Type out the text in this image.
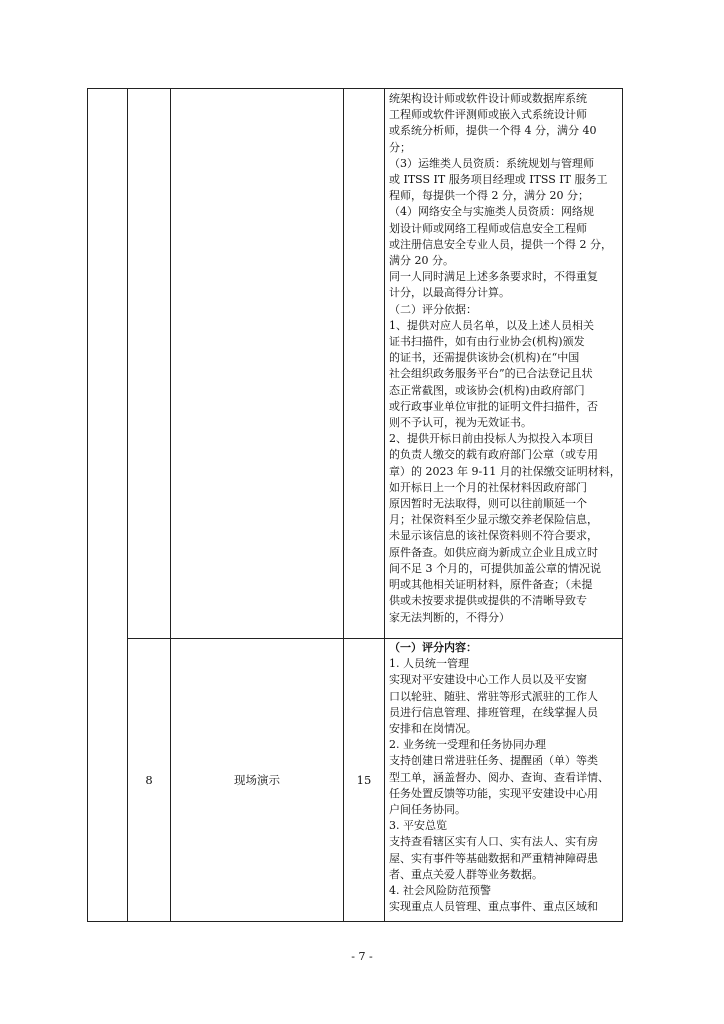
统架构设计师或软件设计师或数据库系统

工程师或软件评测师或嵌入式系统设计师

或系统分析师，提供一个得 4 分，满分 40

分；

（3）运维类人员资质：系统规划与管理师

或 ITSS IT 服务项目经理或 ITSS IT 服务工

程师，每提供一个得 2 分，满分 20 分；

（4）网络安全与实施类人员资质：网络规

划设计师或网络工程师或信息安全工程师

或注册信息安全专业人员，提供一个得 2 分，

满分 20 分。

同一人同时满足上述多条要求时，不得重复

计分，以最高得分计算。

（二）评分依据：

1、提供对应人员名单，以及上述人员相关

证书扫描件，如有由行业协会(机构)颁发

的证书，还需提供该协会(机构)在“中国

社会组织政务服务平台”的已合法登记且状

态正常截图，或该协会(机构)由政府部门

或行政事业单位审批的证明文件扫描件，否

则不予认可，视为无效证书。

2、提供开标日前由投标人为拟投入本项目

的负责人缴交的载有政府部门公章（或专用

章）的 2023 年 9-11 月的社保缴交证明材料，

如开标日上一个月的社保材料因政府部门

原因暂时无法取得，则可以往前顺延一个

月；社保资料至少显示缴交养老保险信息，

未显示该信息的该社保资料则不符合要求，

原件备查。如供应商为新成立企业且成立时

间不足 3 个月的，可提供加盖公章的情况说

明或其他相关证明材料，原件备查；（未提

供或未按要求提供或提供的不清晰导致专

家无法判断的，不得分）

8	现场演示	15

（一）评分内容：

1. 人员统一管理

实现对平安建设中心工作人员以及平安窗

口以轮驻、随驻、常驻等形式派驻的工作人

员进行信息管理、排班管理，在线掌握人员

安排和在岗情况。

2. 业务统一受理和任务协同办理

支持创建日常进驻任务、提醒函（单）等类

型工单，涵盖督办、阅办、查询、查看详情、

任务处置反馈等功能，实现平安建设中心用

户间任务协同。

3. 平安总览

支持查看辖区实有人口、实有法人、实有房

屋、实有事件等基础数据和严重精神障碍患

者、重点关爱人群等业务数据。

4. 社会风险防范预警

实现重点人员管理、重点事件、重点区域和

- 7 -
